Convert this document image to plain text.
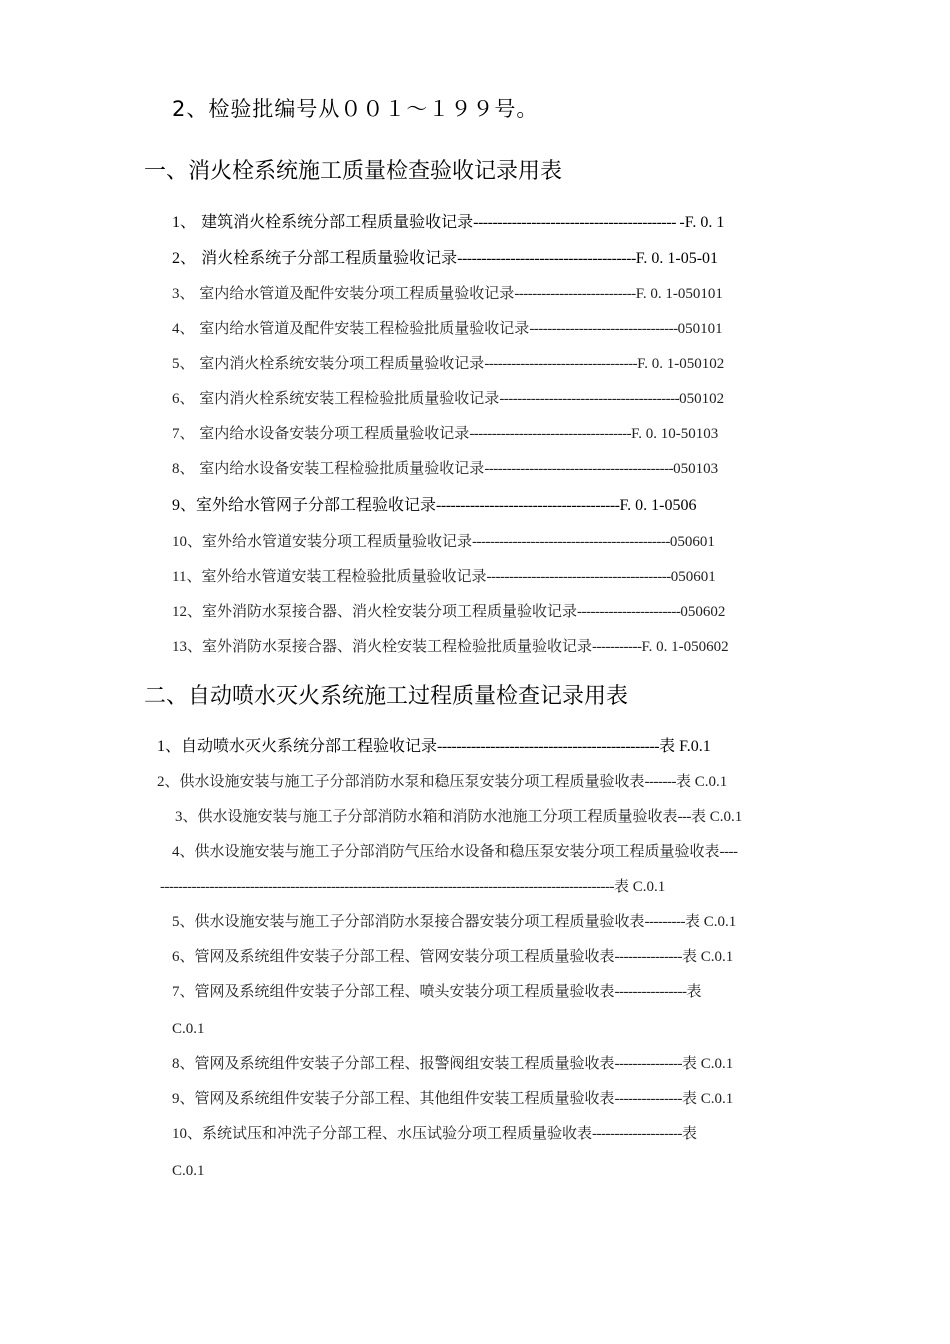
2、检验批编号从００１～１９９号。
一、消火栓系统施工质量检查验收记录用表
1、 建筑消火栓系统分部工程质量验收记录------------------------------------------ -F. 0. 1
2、 消火栓系统子分部工程质量验收记录-------------------------------------F. 0. 1-05-01
3、 室内给水管道及配件安装分项工程质量验收记录---------------------------F. 0. 1-050101
4、 室内给水管道及配件安装工程检验批质量验收记录---------------------------------050101
5、 室内消火栓系统安装分项工程质量验收记录----------------------------------F. 0. 1-050102
6、 室内消火栓系统安装工程检验批质量验收记录----------------------------------------050102
7、 室内给水设备安装分项工程质量验收记录------------------------------------F. 0. 10-50103
8、 室内给水设备安装工程检验批质量验收记录------------------------------------------050103
9、室外给水管网子分部工程验收记录--------------------------------------F. 0. 1-0506
10、室外给水管道安装分项工程质量验收记录--------------------------------------------050601
11、室外给水管道安装工程检验批质量验收记录-----------------------------------------050601
12、室外消防水泵接合器、消火栓安装分项工程质量验收记录-----------------------050602
13、室外消防水泵接合器、消火栓安装工程检验批质量验收记录-----------F. 0. 1-050602
二、自动喷水灭火系统施工过程质量检查记录用表
1、自动喷水灭火系统分部工程验收记录----------------------------------------------表 F.0.1
2、供水设施安装与施工子分部消防水泵和稳压泵安装分项工程质量验收表-------表 C.0.1
3、供水设施安装与施工子分部消防水箱和消防水池施工分项工程质量验收表---表 C.0.1
4、供水设施安装与施工子分部消防气压给水设备和稳压泵安装分项工程质量验收表----
-----------------------------------------------------------------------------------------------------表 C.0.1
5、供水设施安装与施工子分部消防水泵接合器安装分项工程质量验收表---------表 C.0.1
6、管网及系统组件安装子分部工程、管网安装分项工程质量验收表---------------表 C.0.1
7、管网及系统组件安装子分部工程、喷头安装分项工程质量验收表----------------表
C.0.1
8、管网及系统组件安装子分部工程、报警阀组安装工程质量验收表---------------表 C.0.1
9、管网及系统组件安装子分部工程、其他组件安装工程质量验收表---------------表 C.0.1
10、系统试压和冲洗子分部工程、水压试验分项工程质量验收表--------------------表
C.0.1
